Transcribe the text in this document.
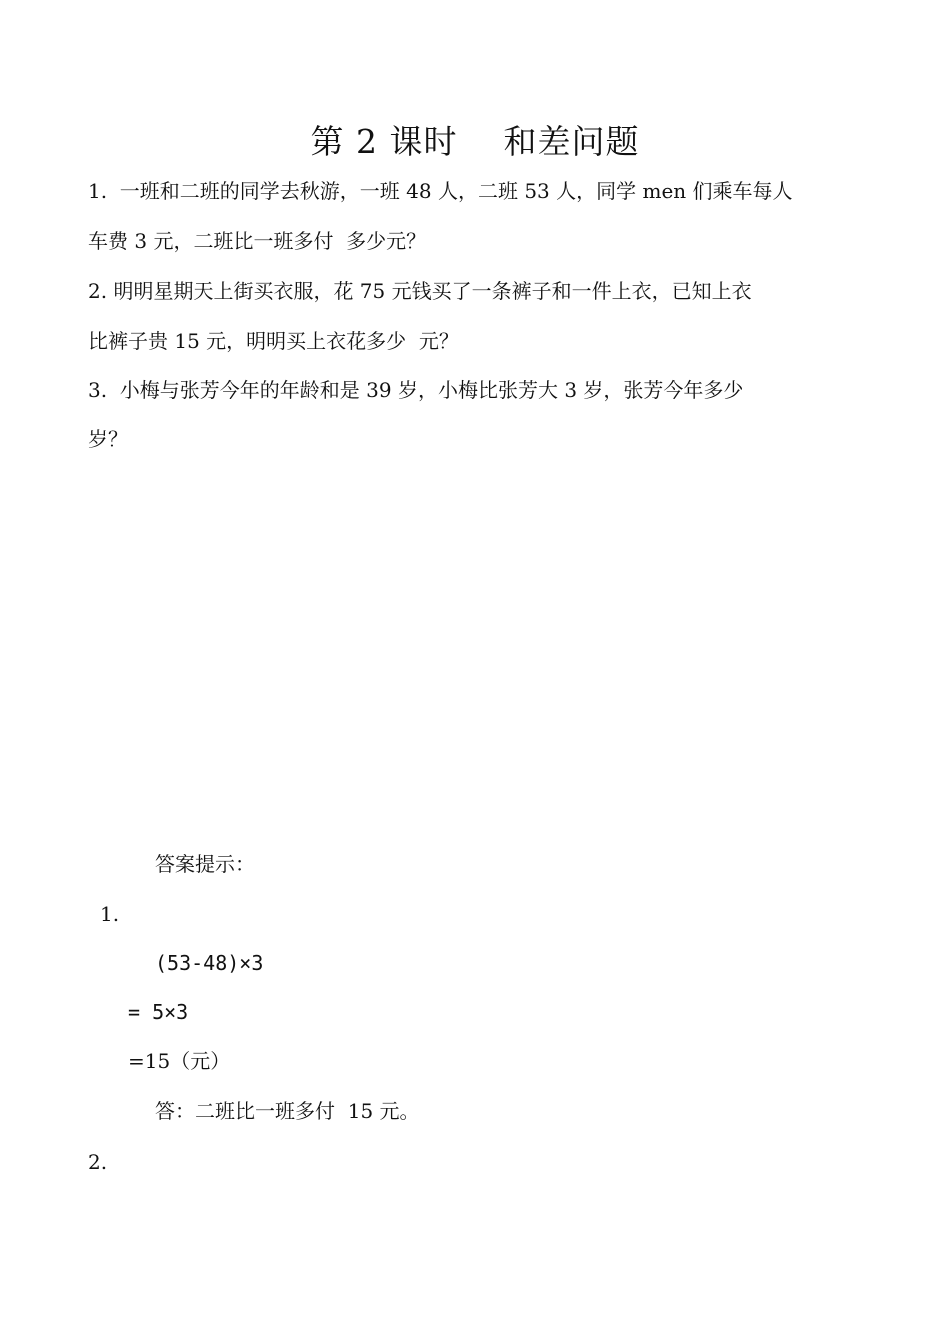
第 2 课时    和差问题
1.  一班和二班的同学去秋游，一班 48 人，二班 53 人，同学 men 们乘车每人
车费 3 元，二班比一班多付  多少元？
2. 明明星期天上街买衣服，花 75 元钱买了一条裤子和一件上衣，已知上衣
比裤子贵 15 元，明明买上衣花多少  元？
3.  小梅与张芳今年的年龄和是 39 岁，小梅比张芳大 3 岁，张芳今年多少
岁？
答案提示：
1.
(53-48)×3
= 5×3
=15（元）
答：二班比一班多付  15 元。
2.
